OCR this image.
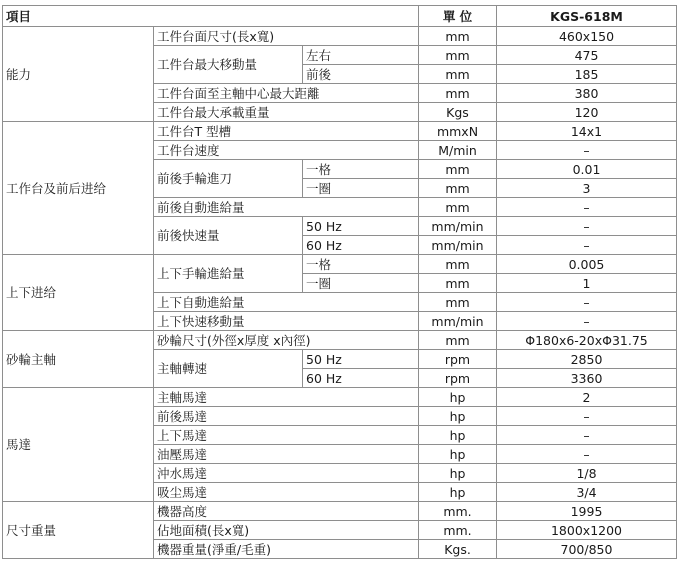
項目			單 位	KGS-618M
能力	工件台面尺寸(長x寬)		mm	460x150
	工件台最大移動量	左右	mm	475
		前後	mm	185
	工件台面至主軸中心最大距離		mm	380
	工件台最大承載重量		Kgs	120
工作台及前后进给	工件台T 型槽		mmxN	14x1
	工件台速度		M/min	–
	前後手輪進刀	一格	mm	0.01
		一圈	mm	3
	前後自動進給量		mm	–
	前後快速量	50 Hz	mm/min	–
		60 Hz	mm/min	–
上下进给	上下手輪進給量	一格	mm	0.005
		一圈	mm	1
	上下自動進給量		mm	–
	上下快速移動量		mm/min	–
砂輪主軸	砂輪尺寸(外徑x厚度 x內徑)		mm	Φ180x6-20xΦ31.75
	主軸轉速	50 Hz	rpm	2850
		60 Hz	rpm	3360
馬達	主軸馬達		hp	2
	前後馬達		hp	–
	上下馬達		hp	–
	油壓馬達		hp	–
	沖水馬達		hp	1/8
	吸尘馬達		hp	3/4
尺寸重量	機器高度		mm.	1995
	佔地面積(長x寬)		mm.	1800x1200
	機器重量(淨重/毛重)		Kgs.	700/850
